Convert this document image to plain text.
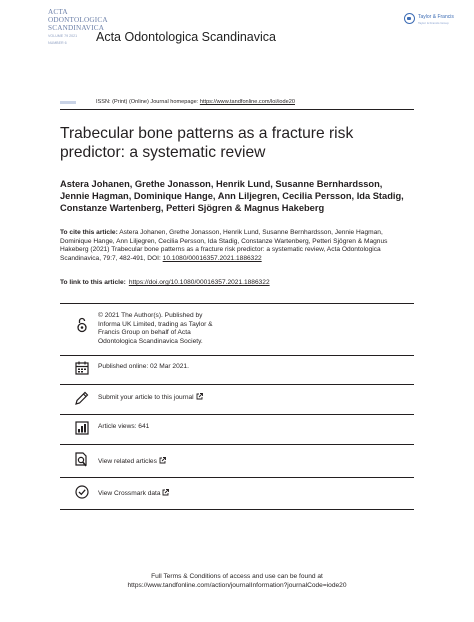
ACTA
ODONTOLOGICA
SCANDINAVICA
VOLUME 79 2021
NUMBER 6	Acta Odontologica Scandinavica
Taylor & Francis
Taylor & Francis Group
ISSN: (Print) (Online) Journal homepage: https://www.tandfonline.com/loi/iode20
Trabecular bone patterns as a fracture risk predictor: a systematic review
Astera Johanen, Grethe Jonasson, Henrik Lund, Susanne Bernhardsson, Jennie Hagman, Dominique Hange, Ann Liljegren, Cecilia Persson, Ida Stadig, Constanze Wartenberg, Petteri Sjögren & Magnus Hakeberg
To cite this article: Astera Johanen, Grethe Jonasson, Henrik Lund, Susanne Bernhardsson, Jennie Hagman, Dominique Hange, Ann Liljegren, Cecilia Persson, Ida Stadig, Constanze Wartenberg, Petteri Sjögren & Magnus Hakeberg (2021) Trabecular bone patterns as a fracture risk predictor: a systematic review, Acta Odontologica Scandinavica, 79:7, 482-491, DOI: 10.1080/00016357.2021.1886322
To link to this article: https://doi.org/10.1080/00016357.2021.1886322
© 2021 The Author(s). Published by Informa UK Limited, trading as Taylor & Francis Group on behalf of Acta Odontologica Scandinavica Society.
Published online: 02 Mar 2021.
Submit your article to this journal
Article views: 641
View related articles
View Crossmark data
Full Terms & Conditions of access and use can be found at
https://www.tandfonline.com/action/journalInformation?journalCode=iode20
